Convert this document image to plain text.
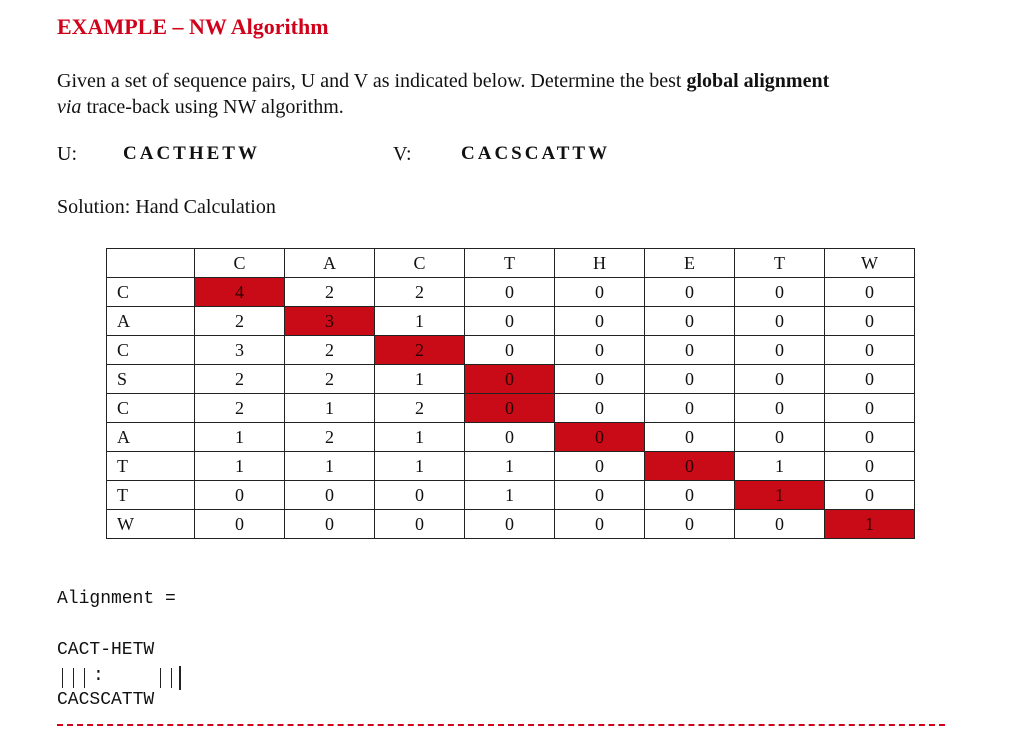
EXAMPLE – NW Algorithm
Given a set of sequence pairs, U and V as indicated below. Determine the best global alignment
via trace-back using NW algorithm.
U: CACTHETW	V:	CACSCATTW
Solution: Hand Calculation
	C	A	C	T	H	E	T	W
C	4	2	2	0	0	0	0	0
A	2	3	1	0	0	0	0	0
C	3	2	2	0	0	0	0	0
S	2	2	1	0	0	0	0	0
C	2	1	2	0	0	0	0	0
A	1	2	1	0	0	0	0	0
T	1	1	1	1	0	0	1	0
T	0	0	0	1	0	0	1	0
W	0	0	0	0	0	0	0	1
Alignment =
CACT-HETW
:
CACSCATTW
